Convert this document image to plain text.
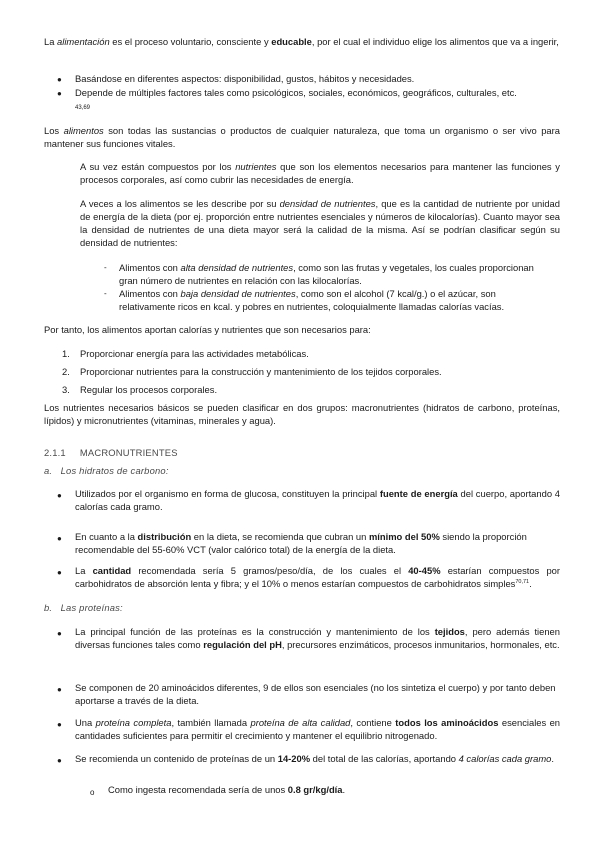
La alimentación es el proceso voluntario, consciente y educable, por el cual el individuo elige los alimentos que va a ingerir,

● Basándose en diferentes aspectos: disponibilidad, gustos, hábitos y necesidades.

● Depende de múltiples factores tales como psicológicos, sociales, económicos, geográficos, culturales, etc.
43,69

Los alimentos son todas las sustancias o productos de cualquier naturaleza, que toma un organismo o ser vivo para mantener sus funciones vitales.

A su vez están compuestos por los nutrientes que son los elementos necesarios para mantener las funciones y procesos corporales, así como cubrir las necesidades de energía.

A veces a los alimentos se les describe por su densidad de nutrientes, que es la cantidad de nutriente por unidad de energía de la dieta (por ej. proporción entre nutrientes esenciales y números de kilocalorías). Cuanto mayor sea la densidad de nutrientes de una dieta mayor será la calidad de la misma. Así se podrían clasificar según su densidad de nutrientes:

- Alimentos con alta densidad de nutrientes, como son las frutas y vegetales, los cuales proporcionan gran número de nutrientes en relación con las kilocalorías.

- Alimentos con baja densidad de nutrientes, como son el alcohol (7 kcal/g.) o el azúcar, son relativamente ricos en kcal. y pobres en nutrientes, coloquialmente llamadas calorías vacías.

Por tanto, los alimentos aportan calorías y nutrientes que son necesarios para:

1. Proporcionar energía para las actividades metabólicas.

2. Proporcionar nutrientes para la construcción y mantenimiento de los tejidos corporales.

3. Regular los procesos corporales.

Los nutrientes necesarios básicos se pueden clasificar en dos grupos: macronutrientes (hidratos de carbono, proteínas, lípidos) y micronutrientes (vitaminas, minerales y agua).

2.1.1 MACRONUTRIENTES

a. Los hidratos de carbono:

● Utilizados por el organismo en forma de glucosa, constituyen la principal fuente de energía del cuerpo, aportando 4 calorías cada gramo.

● En cuanto a la distribución en la dieta, se recomienda que cubran un mínimo del 50% siendo la proporción recomendable del 55-60% VCT (valor calórico total) de la energía de la dieta.

● La cantidad recomendada sería 5 gramos/peso/día, de los cuales el 40-45% estarían compuestos por carbohidratos de absorción lenta y fibra; y el 10% o menos estarían compuestos de carbohidratos simples$^{70,71}$.

b. Las proteínas:

● La principal función de las proteínas es la construcción y mantenimiento de los tejidos, pero además tienen diversas funciones tales como regulación del pH, precursores enzimáticos, procesos inmunitarios, hormonales, etc.

● Se componen de 20 aminoácidos diferentes, 9 de ellos son esenciales (no los sintetiza el cuerpo) y por tanto deben aportarse a través de la dieta.

● Una proteína completa, también llamada proteína de alta calidad, contiene todos los aminoácidos esenciales en cantidades suficientes para permitir el crecimiento y mantener el equilibrio nitrogenado.

● Se recomienda un contenido de proteínas de un 14-20% del total de las calorías, aportando 4 calorías cada gramo.

o Como ingesta recomendada sería de unos 0.8 gr/kg/día.
